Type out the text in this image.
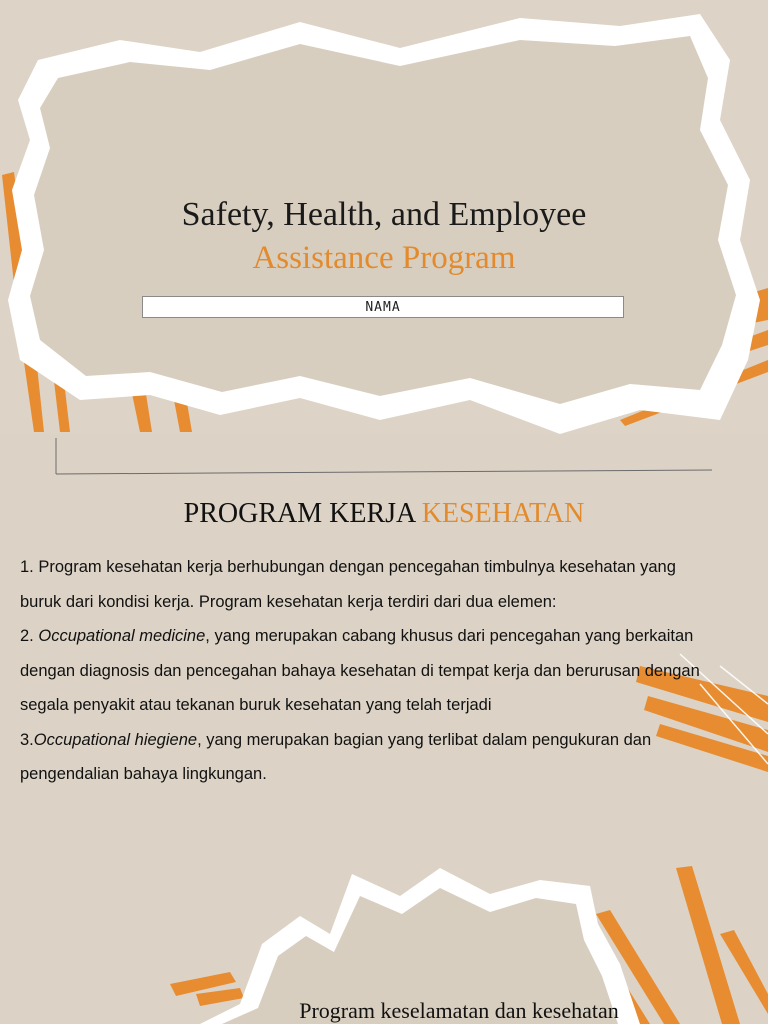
Safety, Health, and Employee
Assistance Program
NAMA
PROGRAM KERJA KESEHATAN

1. Program kesehatan kerja berhubungan dengan pencegahan timbulnya kesehatan yang buruk dari kondisi kerja. Program kesehatan kerja terdiri dari dua elemen:

2. Occupational medicine, yang merupakan cabang khusus dari pencegahan yang berkaitan dengan diagnosis dan pencegahan bahaya kesehatan di tempat kerja dan berurusan dengan segala penyakit atau tekanan buruk kesehatan yang telah terjadi

3.Occupational hiegiene, yang merupakan bagian yang terlibat dalam pengukuran dan pengendalian bahaya lingkungan.

Program keselamatan dan kesehatan
